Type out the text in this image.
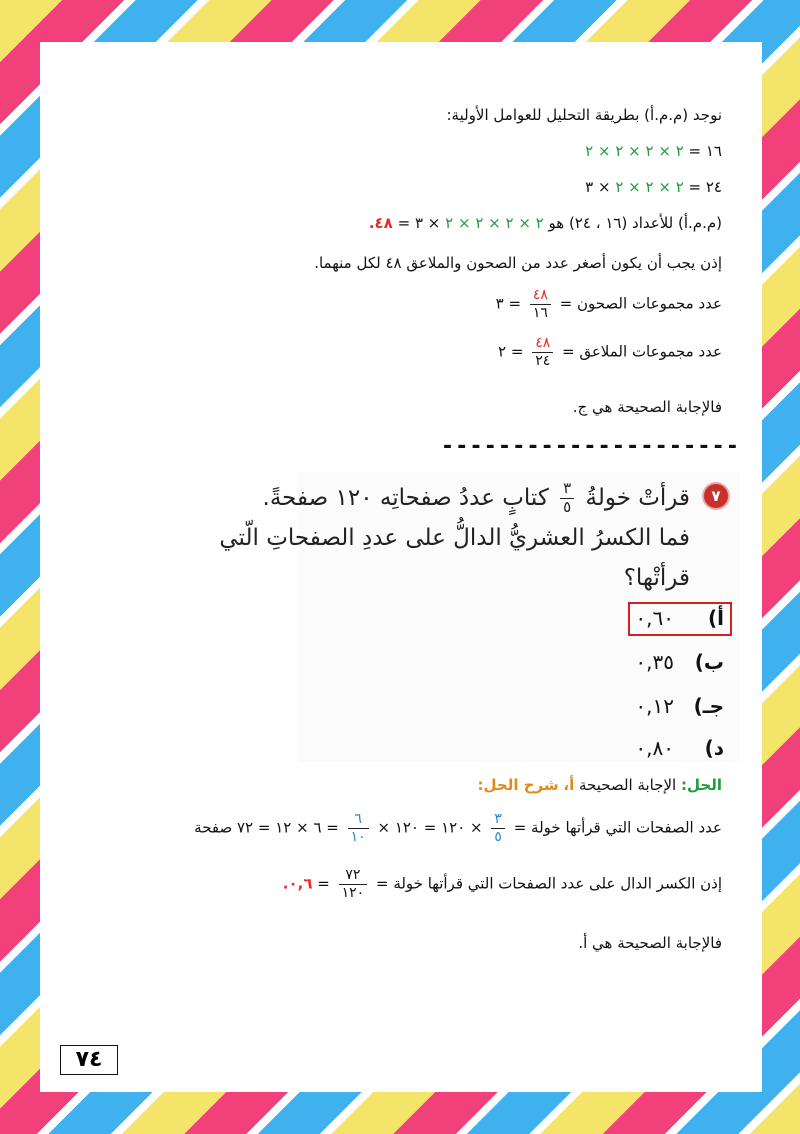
نوجد (م.م.أ) بطريقة التحليل للعوامل الأولية:
١٦ = ٢ × ٢ × ٢ × ٢
٢٤ = ٢ × ٢ × ٢ × ٣
(م.م.أ) للأعداد (١٦ ، ٢٤) هو ٢ × ٢ × ٢ × ٢ × ٣ = ٤٨.
إذن يجب أن يكون أصغر عدد من الصحون والملاعق ٤٨ لكل منهما.
عدد مجموعات الصحون =
$\frac{٤٨}{١٦}$
= ٣
عدد مجموعات الملاعق =
$\frac{٤٨}{٢٤}$
= ٢
فالإجابة الصحيحة هي ج.
---------------------
٧
قرأتْ خولةُ
$\frac{٣}{٥}$
كتابٍ عددُ صفحاتِه ١٢٠ صفحةً.
فما الكسرُ العشريُّ الدالُّ على عددِ الصفحاتِ الّتي
قرأتْها؟
أ)٠,٦٠
ب)٠,٣٥
جـ)٠,١٢
د)٠,٨٠
الحل: الإجابة الصحيحة أ، شرح الحل:
عدد الصفحات التي قرأتها خولة =
$\frac{٣}{٥}$
× ١٢٠ = ١٢٠ ×
$\frac{٦}{١٠}$
= ٦ × ١٢ = ٧٢ صفحة
إذن الكسر الدال على عدد الصفحات التي قرأتها خولة =
$\frac{٧٢}{١٢٠}$
= ٠,٦.
فالإجابة الصحيحة هي أ.
٧٤
